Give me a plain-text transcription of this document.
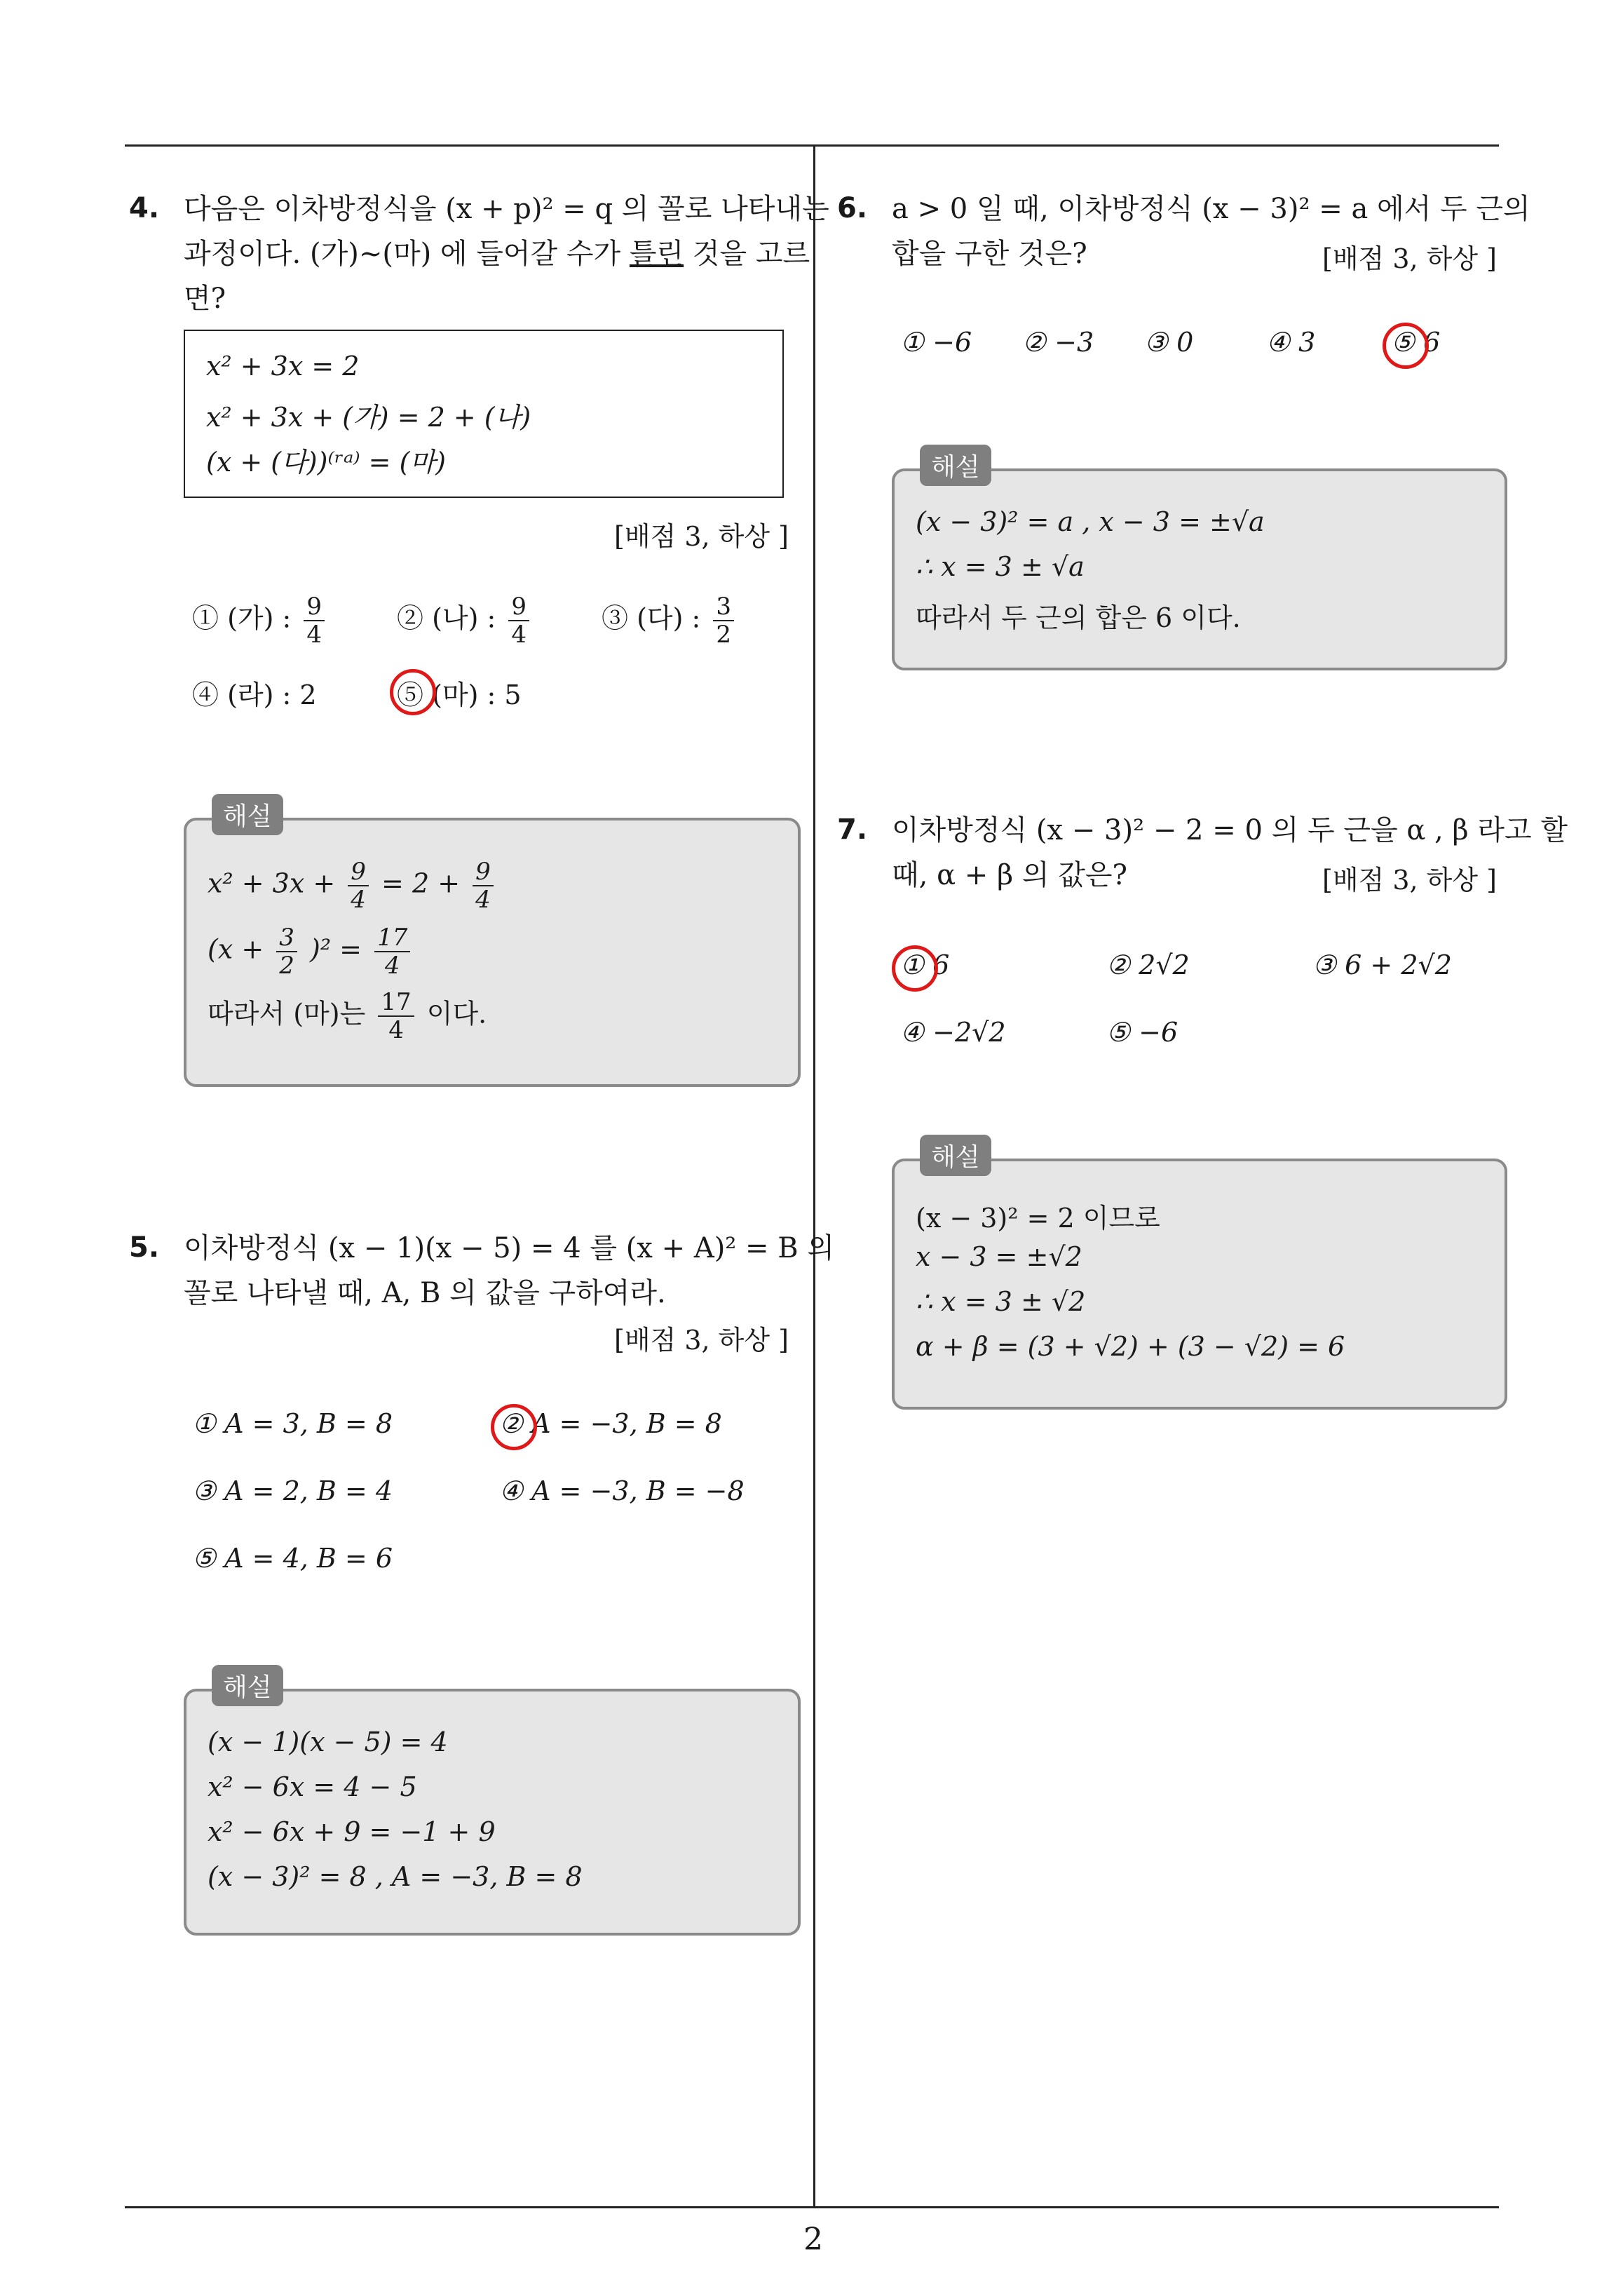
2
4. 다음은 이차방정식을 (x + p)² = q 의 꼴로 나타내는
과정이다. (가)~(마) 에 들어갈 수가 틀린 것을 고르
면?
x² + 3x = 2
x² + 3x + (가) = 2 + (나)
(x + (다))⁽ʳᵃ⁾ = (마)
[배점 3, 하상 ]
① (가) : $\frac{9}{4}$	② (나) : $\frac{9}{4}$	③ (다) : $\frac{3}{2}$
④ (라) : 2	⑤ (마) : 5
$x^2 + 3x + \frac{9}{4} = 2 + \frac{9}{4}$
$(x + \frac{3}{2} )^2 = \frac{17}{4}$
따라서 (마)는 $\frac{17}{4}$ 이다.
해설
5. 이차방정식 (x − 1)(x − 5) = 4 를 (x + A)² = B 의
꼴로 나타낼 때, A, B 의 값을 구하여라.
[배점 3, 하상 ]
① A = 3, B = 8	② A = −3, B = 8
③ A = 2, B = 4	④ A = −3, B = −8
⑤ A = 4, B = 6
(x − 1)(x − 5) = 4
x² − 6x = 4 − 5
x² − 6x + 9 = −1 + 9
(x − 3)² = 8 , A = −3, B = 8
해설
6. a > 0 일 때, 이차방정식 (x − 3)² = a 에서 두 근의
합을 구한 것은?	[배점 3, 하상 ]
① −6 ② −3 ③ 0	④ 3	⑤ 6
(x − 3)² = a , x − 3 = ±√a
∴ x = 3 ± √a
따라서 두 근의 합은 6 이다.
해설
7. 이차방정식 (x − 3)² − 2 = 0 의 두 근을 α , β 라고 할
때, α + β 의 값은?	[배점 3, 하상 ]
① 6	② 2√2	③ 6 + 2√2
④ −2√2	⑤ −6
(x − 3)² = 2 이므로
x − 3 = ±√2
∴ x = 3 ± √2
α + β = (3 + √2) + (3 − √2) = 6
해설
